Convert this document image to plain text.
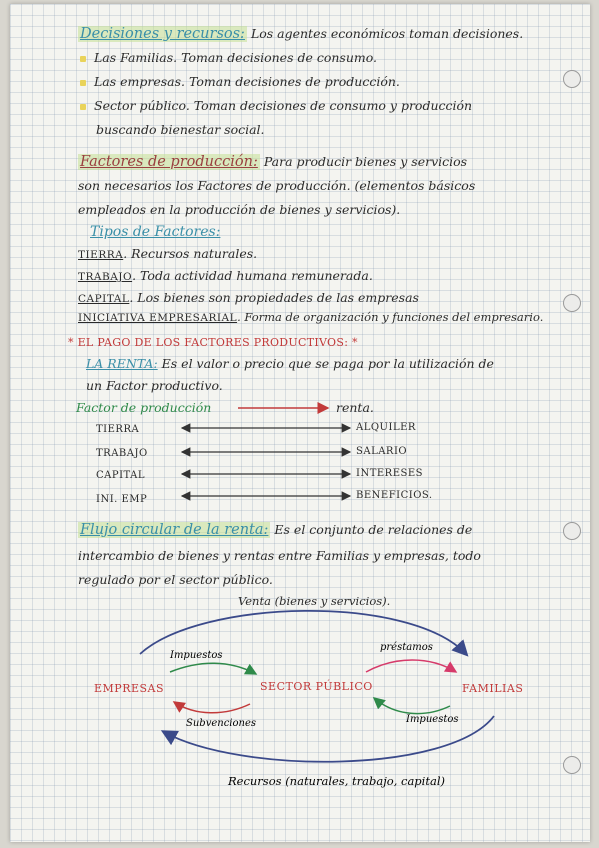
Decisiones y recursos: Los agentes económicos toman decisiones.
Las Familias. Toman decisiones de consumo.
Las empresas. Toman decisiones de producción.
Sector público. Toman decisiones de consumo y producción
buscando bienestar social.
Factores de producción: Para producir bienes y servicios
son necesarios los Factores de producción. (elementos básicos
empleados en la producción de bienes y servicios).
Tipos de Factores:
TIERRA. Recursos naturales.
TRABAJO. Toda actividad humana remunerada.
CAPITAL. Los bienes son propiedades de las empresas
INICIATIVA EMPRESARIAL. Forma de organización y funciones del empresario.
* EL PAGO DE LOS FACTORES PRODUCTIVOS: *
LA RENTA: Es el valor o precio que se paga por la utilización de
un Factor productivo.
Factor de producción	renta.
TIERRA	ALQUILER
TRABAJO	SALARIO
CAPITAL	INTERESES
INI. EMP	BENEFICIOS.
Flujo circular de la renta: Es el conjunto de relaciones de
intercambio de bienes y rentas entre Familias y empresas, todo
regulado por el sector público.
Venta (bienes y servicios).
Impuestos
préstamos
EMPRESAS	SECTOR PÚBLICO	FAMILIAS
Subvenciones	Impuestos
Recursos (naturales, trabajo, capital)
